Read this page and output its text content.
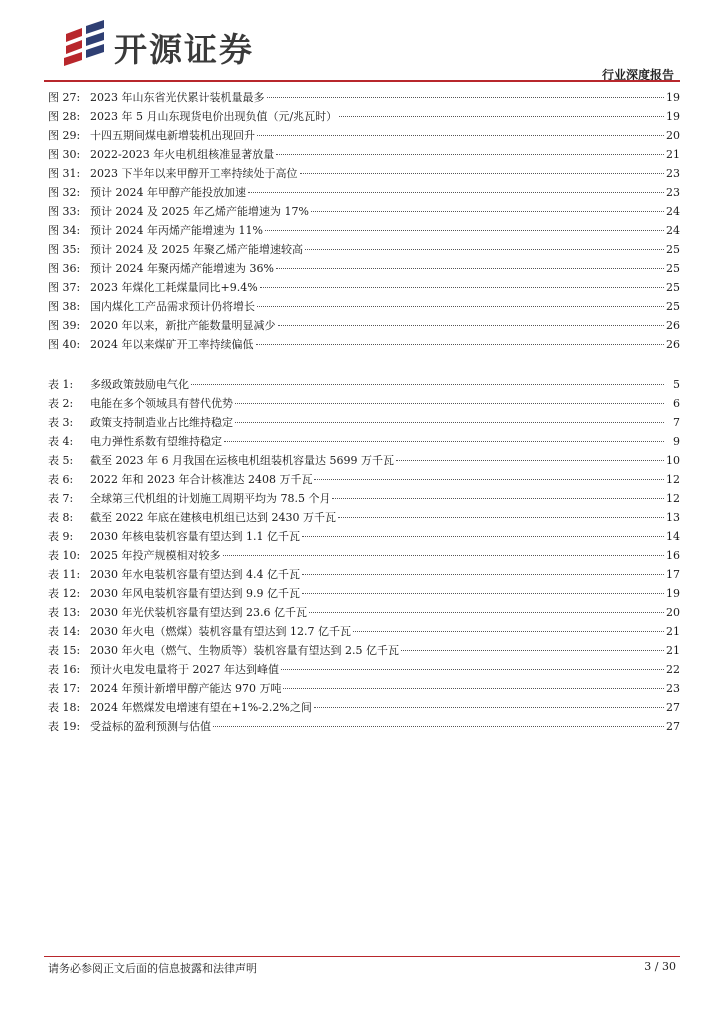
开源证券
行业深度报告
图 27: 2023 年山东省光伏累计装机量最多	19
图 28: 2023 年 5 月山东现货电价出现负值（元/兆瓦时）	19
图 29: 十四五期间煤电新增装机出现回升	20
图 30: 2022-2023 年火电机组核准显著放量	21
图 31: 2023 下半年以来甲醇开工率持续处于高位	23
图 32: 预计 2024 年甲醇产能投放加速	23
图 33: 预计 2024 及 2025 年乙烯产能增速为 17%	24
图 34: 预计 2024 年丙烯产能增速为 11%	24
图 35: 预计 2024 及 2025 年聚乙烯产能增速较高	25
图 36: 预计 2024 年聚丙烯产能增速为 36%	25
图 37: 2023 年煤化工耗煤量同比+9.4%	25
图 38: 国内煤化工产品需求预计仍将增长	25
图 39: 2020 年以来，新批产能数量明显减少	26
图 40: 2024 年以来煤矿开工率持续偏低	26
表 1:	多级政策鼓励电气化	5
表 2:	电能在多个领域具有替代优势	6
表 3:	政策支持制造业占比维持稳定	7
表 4:	电力弹性系数有望维持稳定	9
表 5:	截至 2023 年 6 月我国在运核电机组装机容量达 5699 万千瓦	10
表 6:	2022 年和 2023 年合计核准达 2408 万千瓦	12
表 7:	全球第三代机组的计划施工周期平均为 78.5 个月	12
表 8:	截至 2022 年底在建核电机组已达到 2430 万千瓦	13
表 9:	2030 年核电装机容量有望达到 1.1 亿千瓦	14
表 10: 2025 年投产规模相对较多	16
表 11: 2030 年水电装机容量有望达到 4.4 亿千瓦	17
表 12: 2030 年风电装机容量有望达到 9.9 亿千瓦	19
表 13: 2030 年光伏装机容量有望达到 23.6 亿千瓦	20
表 14: 2030 年火电（燃煤）装机容量有望达到 12.7 亿千瓦	21
表 15: 2030 年火电（燃气、生物质等）装机容量有望达到 2.5 亿千瓦	21
表 16: 预计火电发电量将于 2027 年达到峰值	22
表 17: 2024 年预计新增甲醇产能达 970 万吨	23
表 18: 2024 年燃煤发电增速有望在+1%-2.2%之间	27
表 19: 受益标的盈利预测与估值	27
请务必参阅正文后面的信息披露和法律声明	3 / 30
